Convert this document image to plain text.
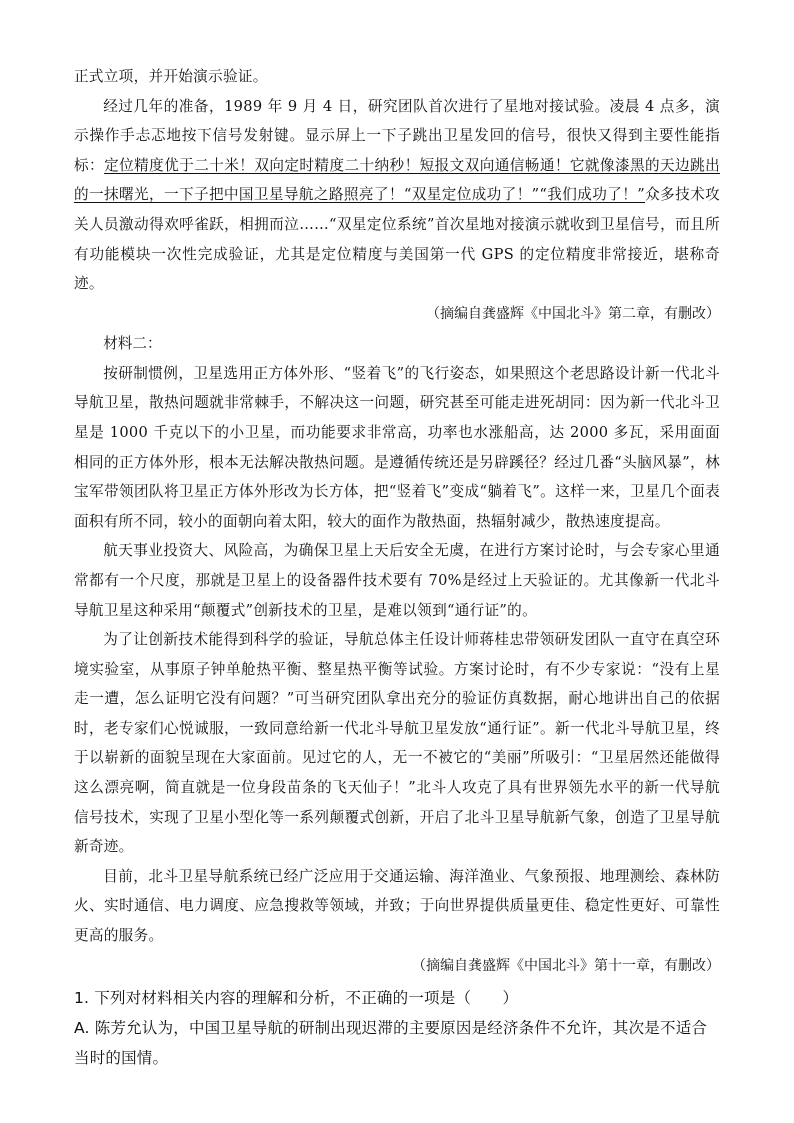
正式立项，并开始演示验证。

经过几年的准备，1989 年 9 月 4 日，研究团队首次进行了星地对接试验。凌晨 4 点多，演示操作手忐忑地按下信号发射键。显示屏上一下子跳出卫星发回的信号，很快又得到主要性能指标：定位精度优于二十米！双向定时精度二十纳秒！短报文双向通信畅通！它就像漆黑的天边跳出的一抹曙光，一下子把中国卫星导航之路照亮了！“双星定位成功了！”“我们成功了！”众多技术攻关人员激动得欢呼雀跃，相拥而泣……“双星定位系统”首次星地对接演示就收到卫星信号，而且所有功能模块一次性完成验证，尤其是定位精度与美国第一代 GPS 的定位精度非常接近，堪称奇迹。

（摘编自龚盛辉《中国北斗》第二章，有删改）

材料二：

按研制惯例，卫星选用正方体外形、“竖着飞”的飞行姿态，如果照这个老思路设计新一代北斗导航卫星，散热问题就非常棘手，不解决这一问题，研究甚至可能走进死胡同：因为新一代北斗卫星是 1000 千克以下的小卫星，而功能要求非常高，功率也水涨船高，达 2000 多瓦，采用面面相同的正方体外形，根本无法解决散热问题。是遵循传统还是另辟蹊径？经过几番“头脑风暴”，林宝军带领团队将卫星正方体外形改为长方体，把“竖着飞”变成“躺着飞”。这样一来，卫星几个面表面积有所不同，较小的面朝向着太阳，较大的面作为散热面，热辐射减少，散热速度提高。

航天事业投资大、风险高，为确保卫星上天后安全无虞，在进行方案讨论时，与会专家心里通常都有一个尺度，那就是卫星上的设备器件技术要有 70%是经过上天验证的。尤其像新一代北斗导航卫星这种采用“颠覆式”创新技术的卫星，是难以领到“通行证”的。

为了让创新技术能得到科学的验证，导航总体主任设计师蒋桂忠带领研发团队一直守在真空环境实验室，从事原子钟单舱热平衡、整星热平衡等试验。方案讨论时，有不少专家说：“没有上星走一遭，怎么证明它没有问题？”可当研究团队拿出充分的验证仿真数据，耐心地讲出自己的依据时，老专家们心悦诚服，一致同意给新一代北斗导航卫星发放“通行证”。新一代北斗导航卫星，终于以崭新的面貌呈现在大家面前。见过它的人，无一不被它的“美丽”所吸引：“卫星居然还能做得这么漂亮啊，简直就是一位身段苗条的飞天仙子！”北斗人攻克了具有世界领先水平的新一代导航信号技术，实现了卫星小型化等一系列颠覆式创新，开启了北斗卫星导航新气象，创造了卫星导航新奇迹。

目前，北斗卫星导航系统已经广泛应用于交通运输、海洋渔业、气象预报、地理测绘、森林防火、实时通信、电力调度、应急搜救等领域，并致；于向世界提供质量更佳、稳定性更好、可靠性更高的服务。

（摘编自龚盛辉《中国北斗》第十一章，有删改）

1. 下列对材料相关内容的理解和分析，不正确的一项是（　　）

A. 陈芳允认为，中国卫星导航的研制出现迟滞的主要原因是经济条件不允许，其次是不适合当时的国情。
